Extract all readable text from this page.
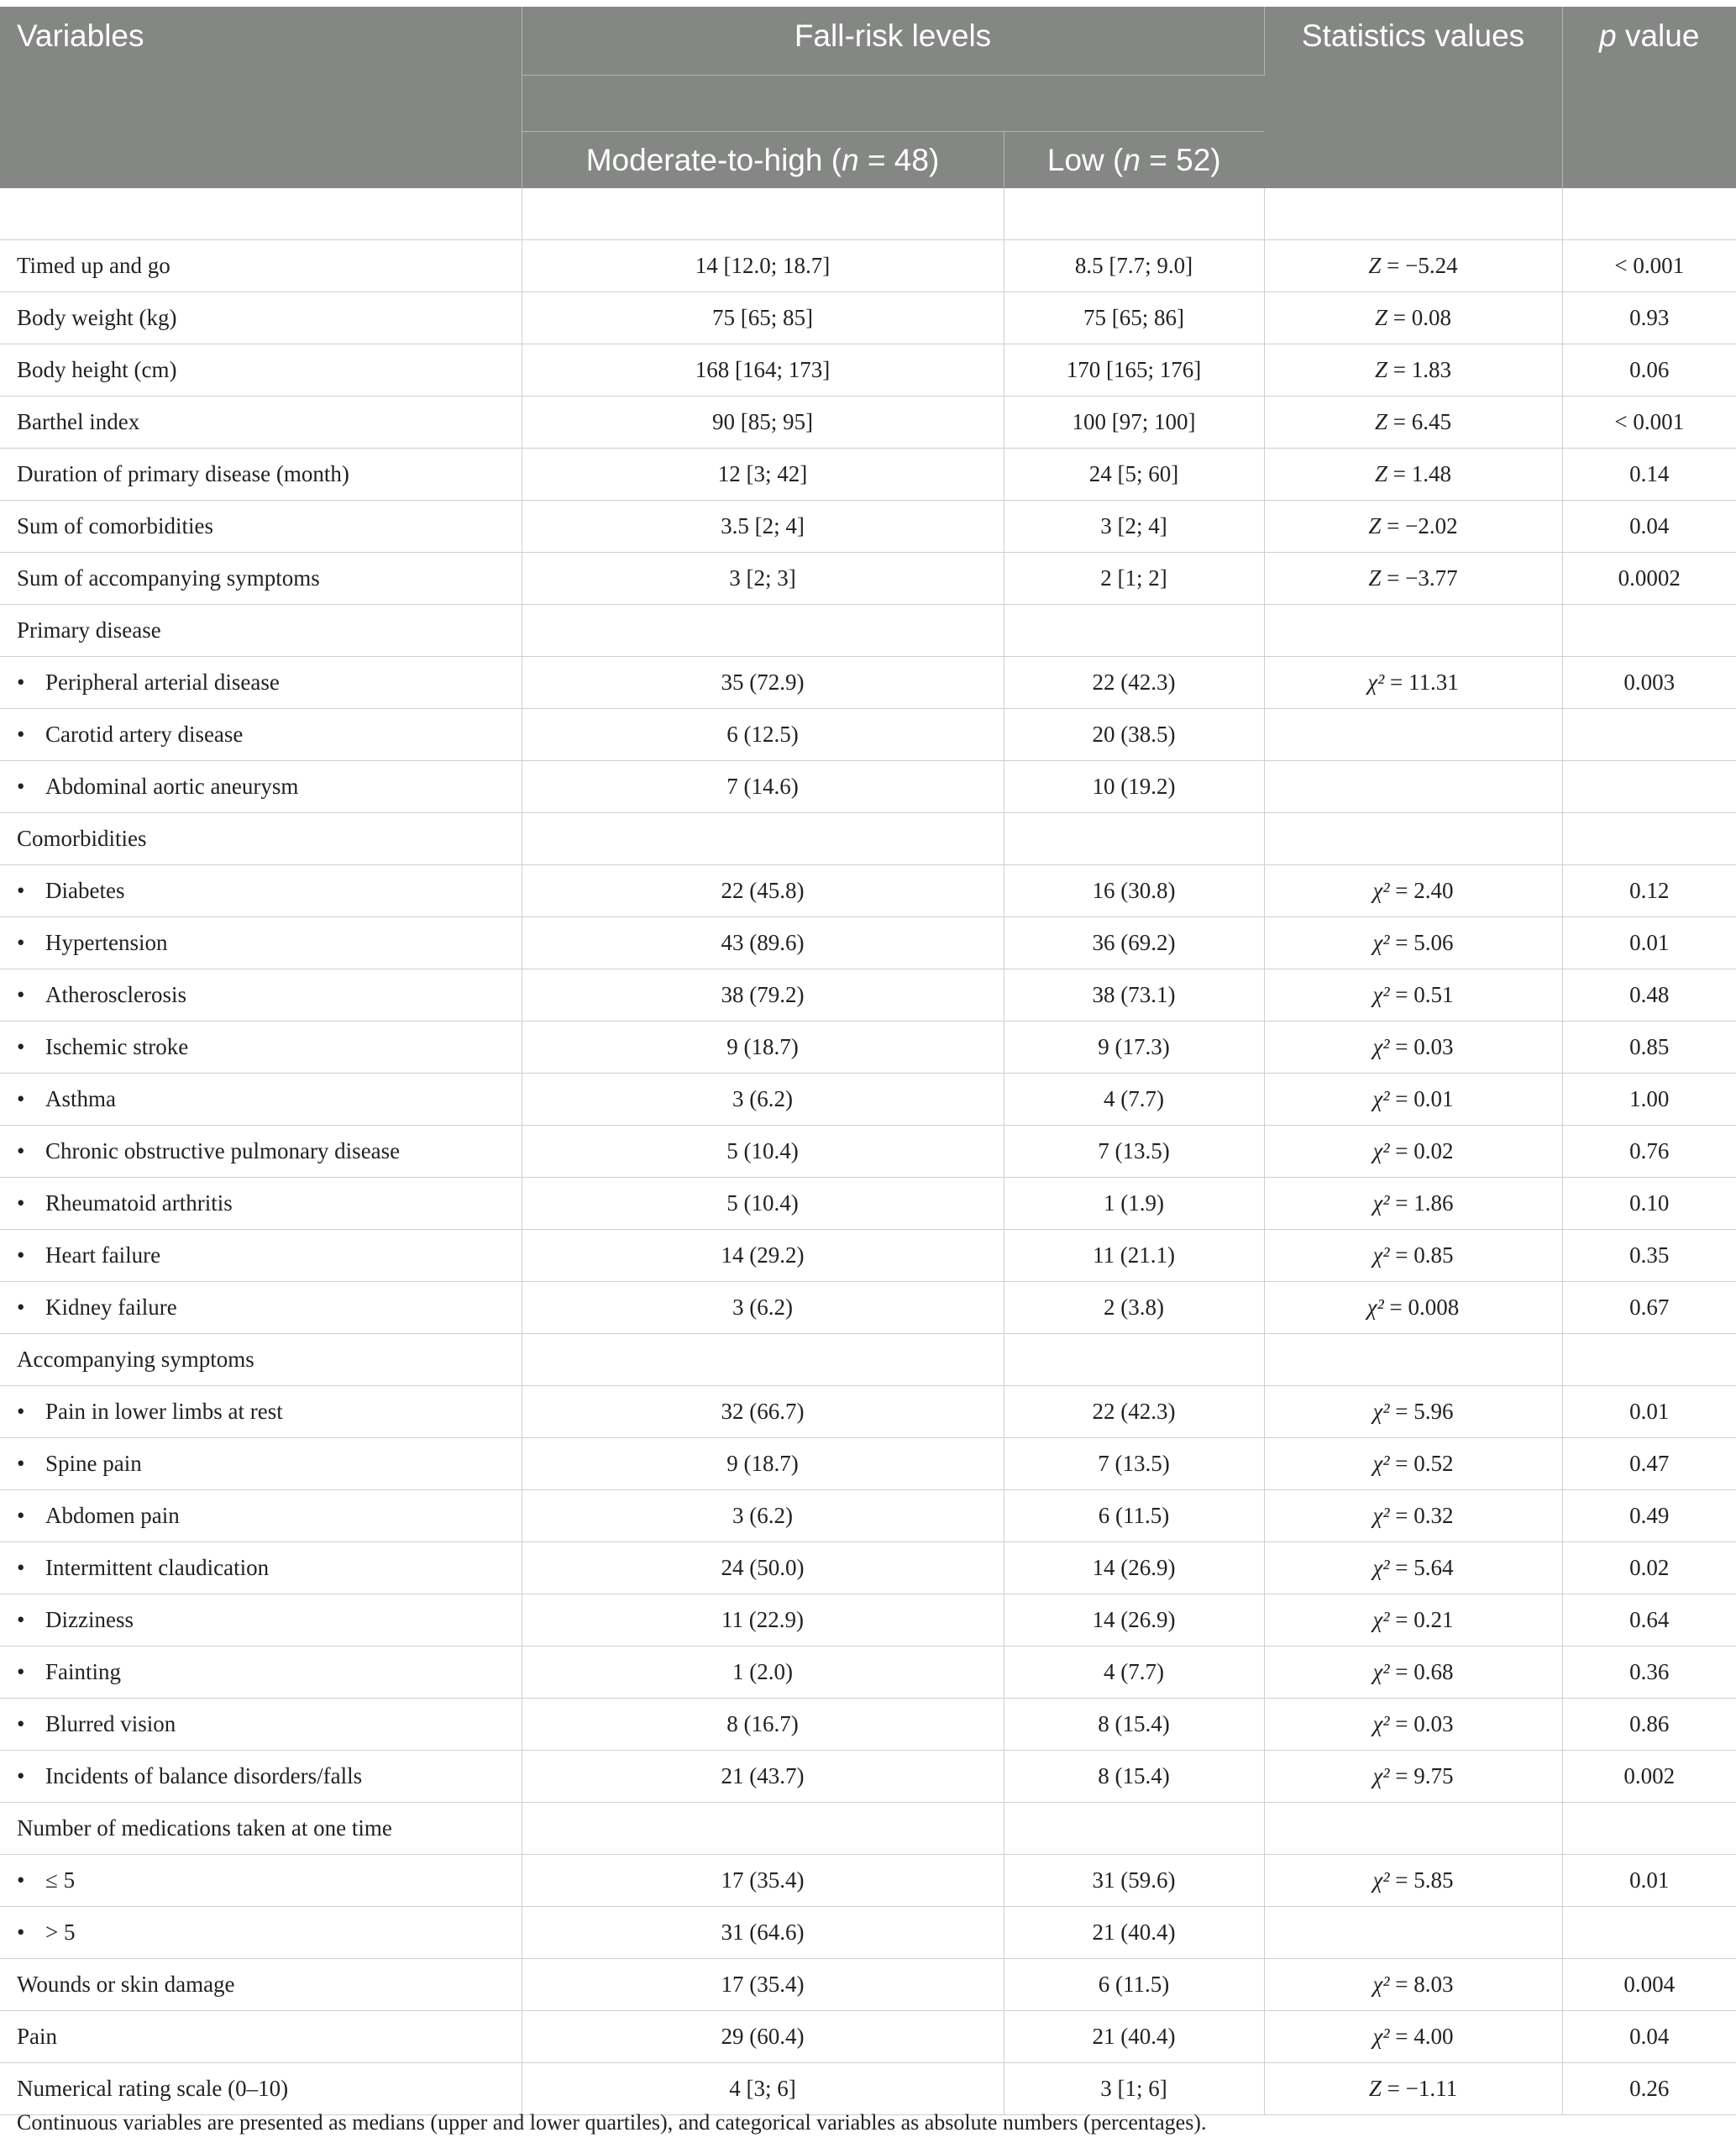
Variables	Fall-risk levels		Statistics values	p value

	Moderate-to-high (n = 48)	Low (n = 52)		

Timed up and go	14 [12.0; 18.7]	8.5 [7.7; 9.0]	Z = −5.24	< 0.001
Body weight (kg)	75 [65; 85]	75 [65; 86]	Z = 0.08	0.93
Body height (cm)	168 [164; 173]	170 [165; 176]	Z = 1.83	0.06
Barthel index	90 [85; 95]	100 [97; 100]	Z = 6.45	< 0.001
Duration of primary disease (month)	12 [3; 42]	24 [5; 60]	Z = 1.48	0.14
Sum of comorbidities	3.5 [2; 4]	3 [2; 4]	Z = −2.02	0.04
Sum of accompanying symptoms	3 [2; 3]	2 [1; 2]	Z = −3.77	0.0002
Primary disease				
• Peripheral arterial disease	35 (72.9)	22 (42.3)	χ² = 11.31	0.003
• Carotid artery disease	6 (12.5)	20 (38.5)		
• Abdominal aortic aneurysm	7 (14.6)	10 (19.2)		
Comorbidities				
• Diabetes	22 (45.8)	16 (30.8)	χ² = 2.40	0.12
• Hypertension	43 (89.6)	36 (69.2)	χ² = 5.06	0.01
• Atherosclerosis	38 (79.2)	38 (73.1)	χ² = 0.51	0.48
• Ischemic stroke	9 (18.7)	9 (17.3)	χ² = 0.03	0.85
• Asthma	3 (6.2)	4 (7.7)	χ² = 0.01	1.00
• Chronic obstructive pulmonary disease	5 (10.4)	7 (13.5)	χ² = 0.02	0.76
• Rheumatoid arthritis	5 (10.4)	1 (1.9)	χ² = 1.86	0.10
• Heart failure	14 (29.2)	11 (21.1)	χ² = 0.85	0.35
• Kidney failure	3 (6.2)	2 (3.8)	χ² = 0.008	0.67
Accompanying symptoms				
• Pain in lower limbs at rest	32 (66.7)	22 (42.3)	χ² = 5.96	0.01
• Spine pain	9 (18.7)	7 (13.5)	χ² = 0.52	0.47
• Abdomen pain	3 (6.2)	6 (11.5)	χ² = 0.32	0.49
• Intermittent claudication	24 (50.0)	14 (26.9)	χ² = 5.64	0.02
• Dizziness	11 (22.9)	14 (26.9)	χ² = 0.21	0.64
• Fainting	1 (2.0)	4 (7.7)	χ² = 0.68	0.36
• Blurred vision	8 (16.7)	8 (15.4)	χ² = 0.03	0.86
• Incidents of balance disorders/falls	21 (43.7)	8 (15.4)	χ² = 9.75	0.002
Number of medications taken at one time				
• ≤ 5	17 (35.4)	31 (59.6)	χ² = 5.85	0.01
• > 5	31 (64.6)	21 (40.4)		
Wounds or skin damage	17 (35.4)	6 (11.5)	χ² = 8.03	0.004
Pain	29 (60.4)	21 (40.4)	χ² = 4.00	0.04
Numerical rating scale (0–10)	4 [3; 6]	3 [1; 6]	Z = −1.11	0.26
Continuous variables are presented as medians (upper and lower quartiles), and categorical variables as absolute numbers (percentages).
